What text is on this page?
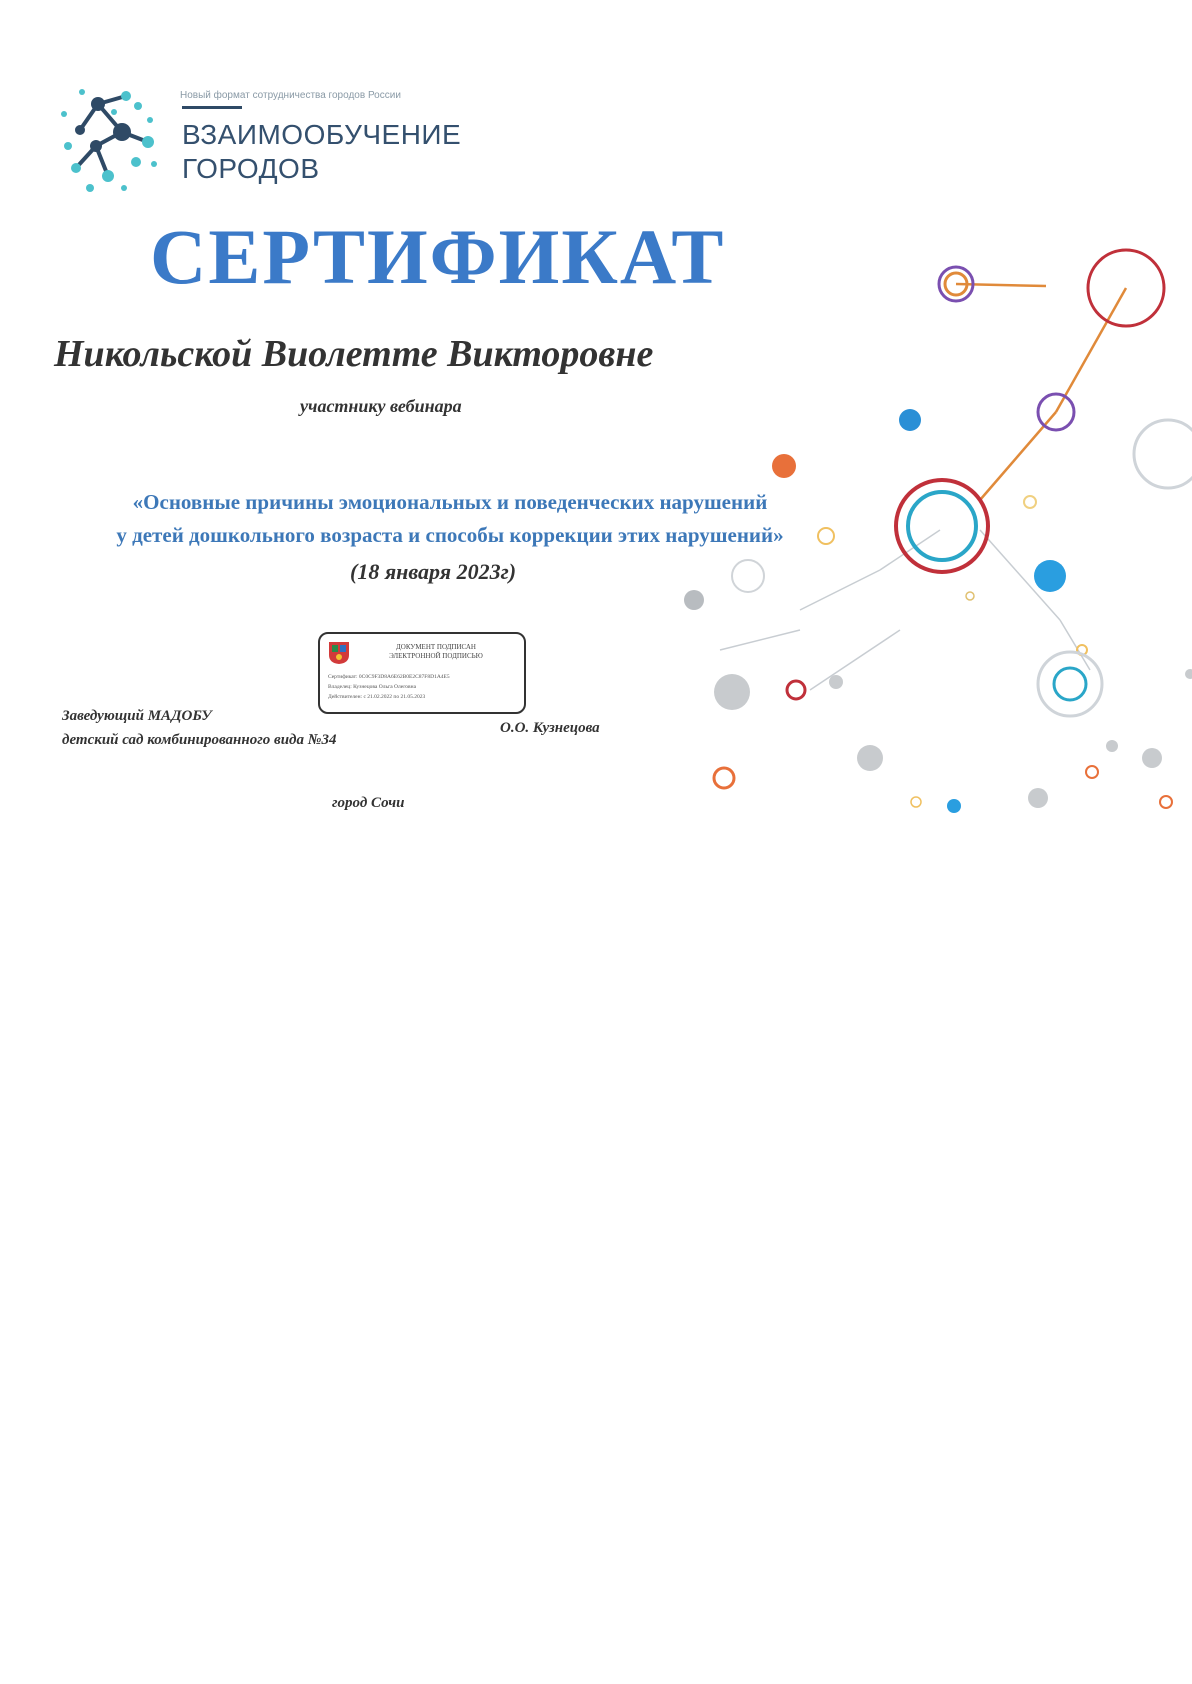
Новый формат сотрудничества городов России
ВЗАИМООБУЧЕНИЕ
ГОРОДОВ
СЕРТИФИКАТ
Никольской Виолетте Викторовне
участнику вебинара
«Основные причины эмоциональных и поведенческих нарушений
у детей дошкольного возраста и способы коррекции этих нарушений»
(18 января 2023г)
ДОКУМЕНТ ПОДПИСАН
ЭЛЕКТРОННОЙ ПОДПИСЬЮ
Сертификат: 0С0C9F3D8A6E62B0E2C87F8D1A4E5
Владелец: Кузнецова Ольга Олеговна
Действителен: с 21.02.2022 по 21.05.2023
Заведующий МАДОБУ
детский сад комбинированного вида №34
О.О. Кузнецова
город Сочи
